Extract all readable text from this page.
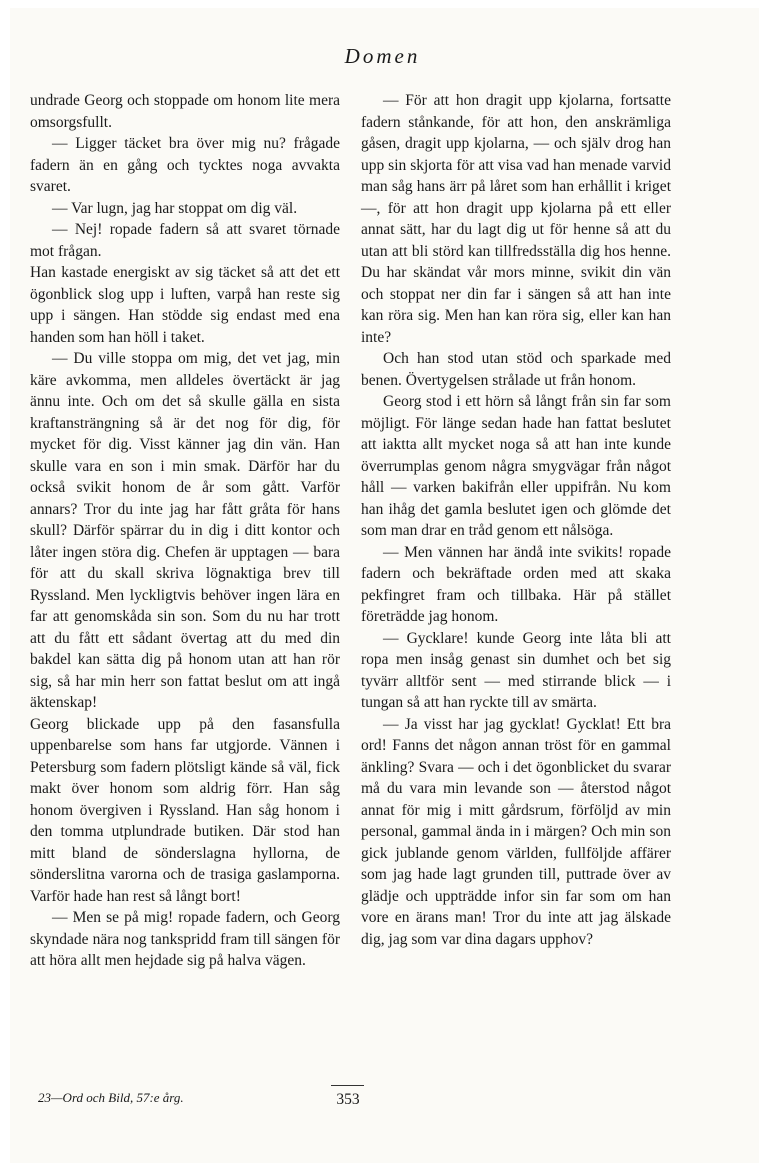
Domen

undrade Georg och stoppade om honom lite mera omsorgsfullt.

— Ligger täcket bra över mig nu? frågade fadern än en gång och tycktes noga avvakta svaret.

— Var lugn, jag har stoppat om dig väl.

— Nej! ropade fadern så att svaret törnade mot frågan.

Han kastade energiskt av sig täcket så att det ett ögonblick slog upp i luften, varpå han reste sig upp i sängen. Han stödde sig endast med ena handen som han höll i taket.

— Du ville stoppa om mig, det vet jag, min käre avkomma, men alldeles övertäckt är jag ännu inte. Och om det så skulle gälla en sista kraftansträngning så är det nog för dig, för mycket för dig. Visst känner jag din vän. Han skulle vara en son i min smak. Därför har du också svikit honom de år som gått. Varför annars? Tror du inte jag har fått gråta för hans skull? Därför spärrar du in dig i ditt kontor och låter ingen störa dig. Chefen är upptagen — bara för att du skall skriva lögnaktiga brev till Ryssland. Men lyckligtvis behöver ingen lära en far att genomskåda sin son. Som du nu har trott att du fått ett sådant övertag att du med din bakdel kan sätta dig på honom utan att han rör sig, så har min herr son fattat beslut om att ingå äktenskap!

Georg blickade upp på den fasansfulla uppenbarelse som hans far utgjorde. Vännen i Petersburg som fadern plötsligt kände så väl, fick makt över honom som aldrig förr. Han såg honom övergiven i Ryssland. Han såg honom i den tomma utplundrade butiken. Där stod han mitt bland de sönderslagna hyllorna, de sönderslitna varorna och de trasiga gaslamporna. Varför hade han rest så långt bort!

— Men se på mig! ropade fadern, och Georg skyndade nära nog tankspridd fram till sängen för att höra allt men hejdade sig på halva vägen.

— För att hon dragit upp kjolarna, fortsatte fadern stånkande, för att hon, den anskrämliga gåsen, dragit upp kjolarna, — och själv drog han upp sin skjorta för att visa vad han menade varvid man såg hans ärr på låret som han erhållit i kriget —, för att hon dragit upp kjolarna på ett eller annat sätt, har du lagt dig ut för henne så att du utan att bli störd kan tillfredsställa dig hos henne. Du har skändat vår mors minne, svikit din vän och stoppat ner din far i sängen så att han inte kan röra sig. Men han kan röra sig, eller kan han inte?

Och han stod utan stöd och sparkade med benen. Övertygelsen strålade ut från honom.

Georg stod i ett hörn så långt från sin far som möjligt. För länge sedan hade han fattat beslutet att iaktta allt mycket noga så att han inte kunde överrumplas genom några smygvägar från något håll — varken bakifrån eller uppifrån. Nu kom han ihåg det gamla beslutet igen och glömde det som man drar en tråd genom ett nålsöga.

— Men vännen har ändå inte svikits! ropade fadern och bekräftade orden med att skaka pekfingret fram och tillbaka. Här på stället företrädde jag honom.

— Gycklare! kunde Georg inte låta bli att ropa men insåg genast sin dumhet och bet sig tyvärr alltför sent — med stirrande blick — i tungan så att han ryckte till av smärta.

— Ja visst har jag gycklat! Gycklat! Ett bra ord! Fanns det någon annan tröst för en gammal änkling? Svara — och i det ögonblicket du svarar må du vara min levande son — återstod något annat för mig i mitt gårdsrum, förföljd av min personal, gammal ända in i märgen? Och min son gick jublande genom världen, fullföljde affärer som jag hade lagt grunden till, puttrade över av glädje och uppträdde infor sin far som om han vore en ärans man! Tror du inte att jag älskade dig, jag som var dina dagars upphov?

23—Ord och Bild, 57:e årg.	353
